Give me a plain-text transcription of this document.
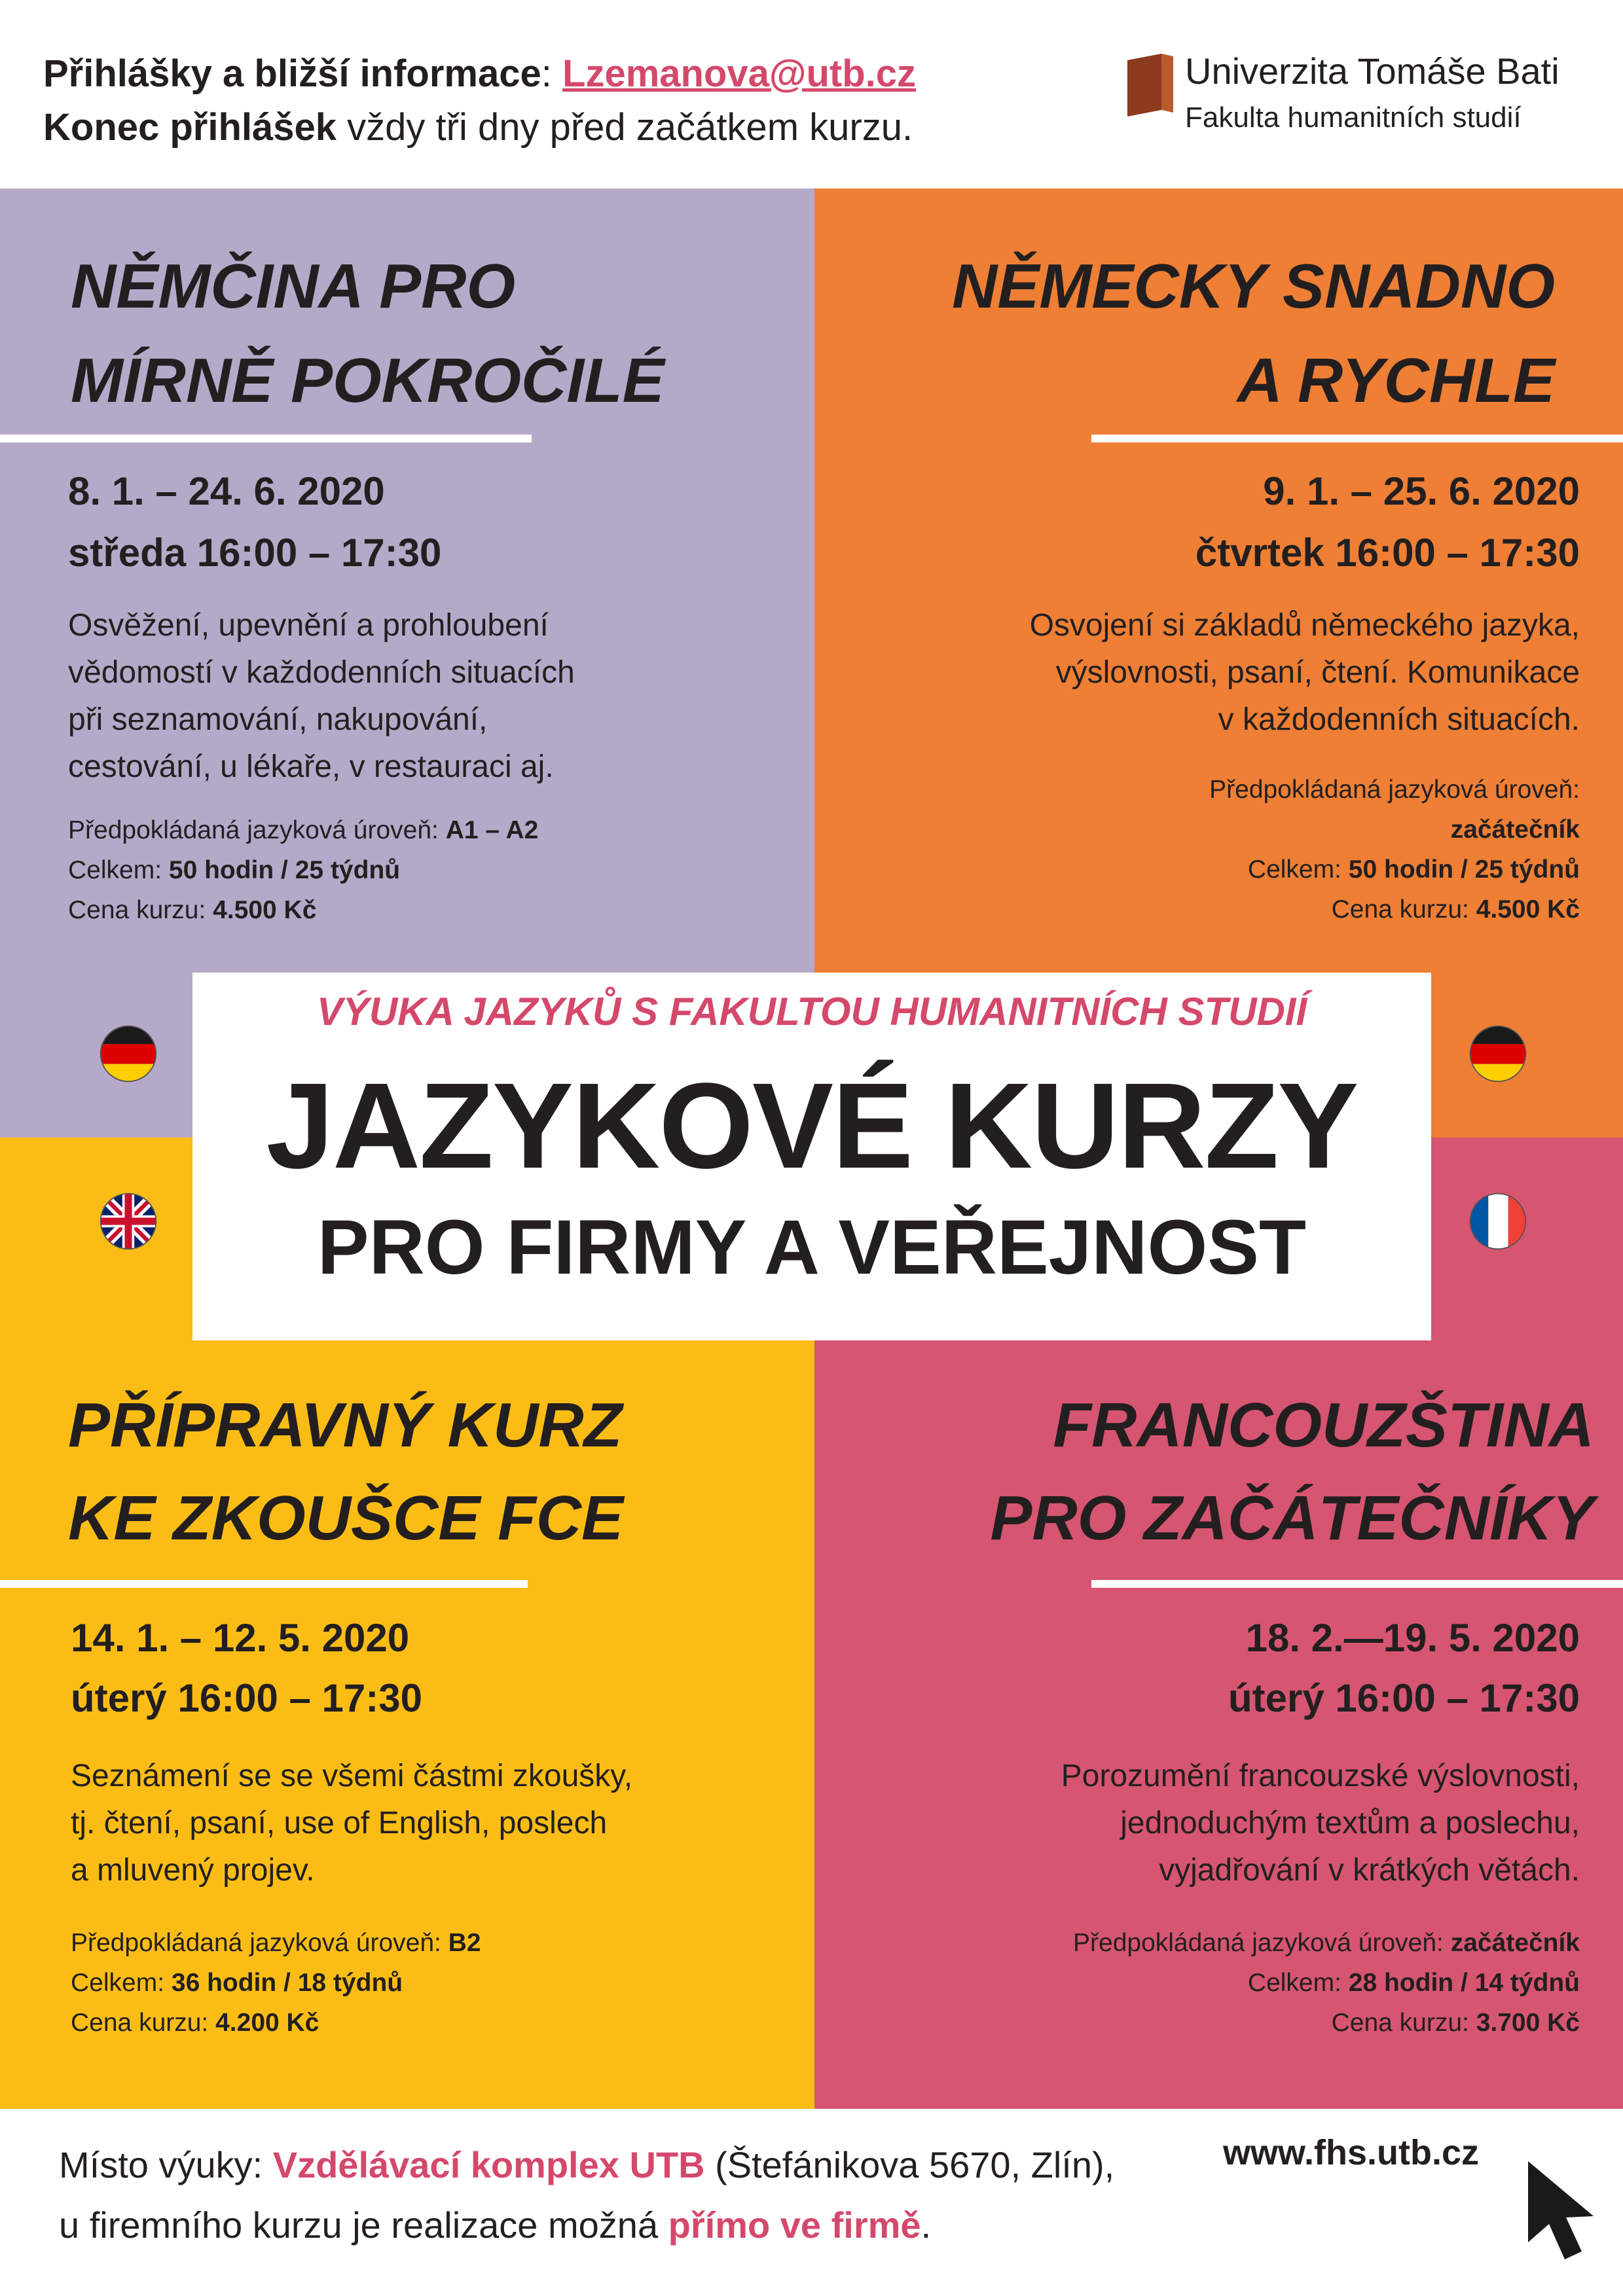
Přihlášky a bližší informace: Lzemanova@utb.cz
Konec přihlášek vždy tři dny před začátkem kurzu.
Univerzita Tomáše Bati
Fakulta humanitních studií
NĚMČINA PRO
MÍRNĚ POKROČILÉ
8. 1. – 24. 6. 2020
středa 16:00 – 17:30
Osvěžení, upevnění a prohloubení
vědomostí v každodenních situacích
při seznamování, nakupování,
cestování, u lékaře, v restauraci aj.
Předpokládaná jazyková úroveň: A1 – A2
Celkem: 50 hodin / 25 týdnů
Cena kurzu: 4.500 Kč
NĚMECKY SNADNO
A RYCHLE
9. 1. – 25. 6. 2020
čtvrtek 16:00 – 17:30
Osvojení si základů německého jazyka,
výslovnosti, psaní, čtení. Komunikace
v každodenních situacích.
Předpokládaná jazyková úroveň:
začátečník
Celkem: 50 hodin / 25 týdnů
Cena kurzu: 4.500 Kč
PŘÍPRAVNÝ KURZ
KE ZKOUŠCE FCE
14. 1. – 12. 5. 2020
úterý 16:00 – 17:30
Seznámení se se všemi částmi zkoušky,
tj. čtení, psaní, use of English, poslech
a mluvený projev.
Předpokládaná jazyková úroveň: B2
Celkem: 36 hodin / 18 týdnů
Cena kurzu: 4.200 Kč
FRANCOUZŠTINA
PRO ZAČÁTEČNÍKY
18. 2.—19. 5. 2020
úterý 16:00 – 17:30
Porozumění francouzské výslovnosti,
jednoduchým textům a poslechu,
vyjadřování v krátkých větách.
Předpokládaná jazyková úroveň: začátečník
Celkem: 28 hodin / 14 týdnů
Cena kurzu: 3.700 Kč
VÝUKA JAZYKŮ S FAKULTOU HUMANITNÍCH STUDIÍ
JAZYKOVÉ KURZY
PRO FIRMY A VEŘEJNOST
Místo výuky: Vzdělávací komplex UTB (Štefánikova 5670, Zlín),
u firemního kurzu je realizace možná přímo ve firmě.
www.fhs.utb.cz
